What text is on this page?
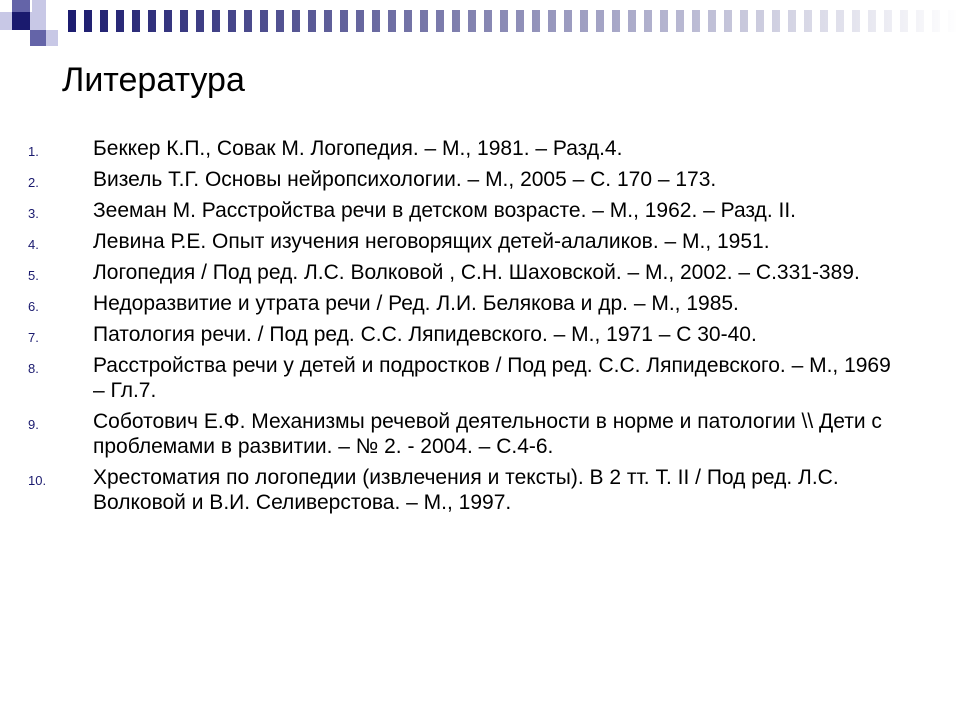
Литература
1.	Беккер К.П., Совак М. Логопедия. – М., 1981. – Разд.4.
2.	Визель Т.Г. Основы нейропсихологии. – М., 2005 – С. 170 – 173.
3.	Зееман М. Расстройства речи в детском возрасте. – М., 1962. – Разд. II.
4.	Левина Р.Е. Опыт изучения неговорящих детей-алаликов. – М., 1951.
5.	Логопедия / Под ред. Л.С. Волковой , С.Н. Шаховской. – М., 2002. – С.331-389.
6.	Недоразвитие и утрата речи / Ред. Л.И. Белякова и др. – М., 1985.
7.	Патология речи. / Под ред. С.С. Ляпидевского. – М., 1971 – С 30-40.
8.	Расстройства речи у детей и подростков / Под ред. С.С. Ляпидевского. – М., 1969 – Гл.7.
9.	Соботович Е.Ф. Механизмы речевой деятельности в норме и патологии \\ Дети с проблемами в развитии. – № 2. - 2004. – С.4-6.
10. Хрестоматия по логопедии (извлечения и тексты). В 2 тт. Т. II / Под ред. Л.С. Волковой и В.И. Селиверстова. – М., 1997.
